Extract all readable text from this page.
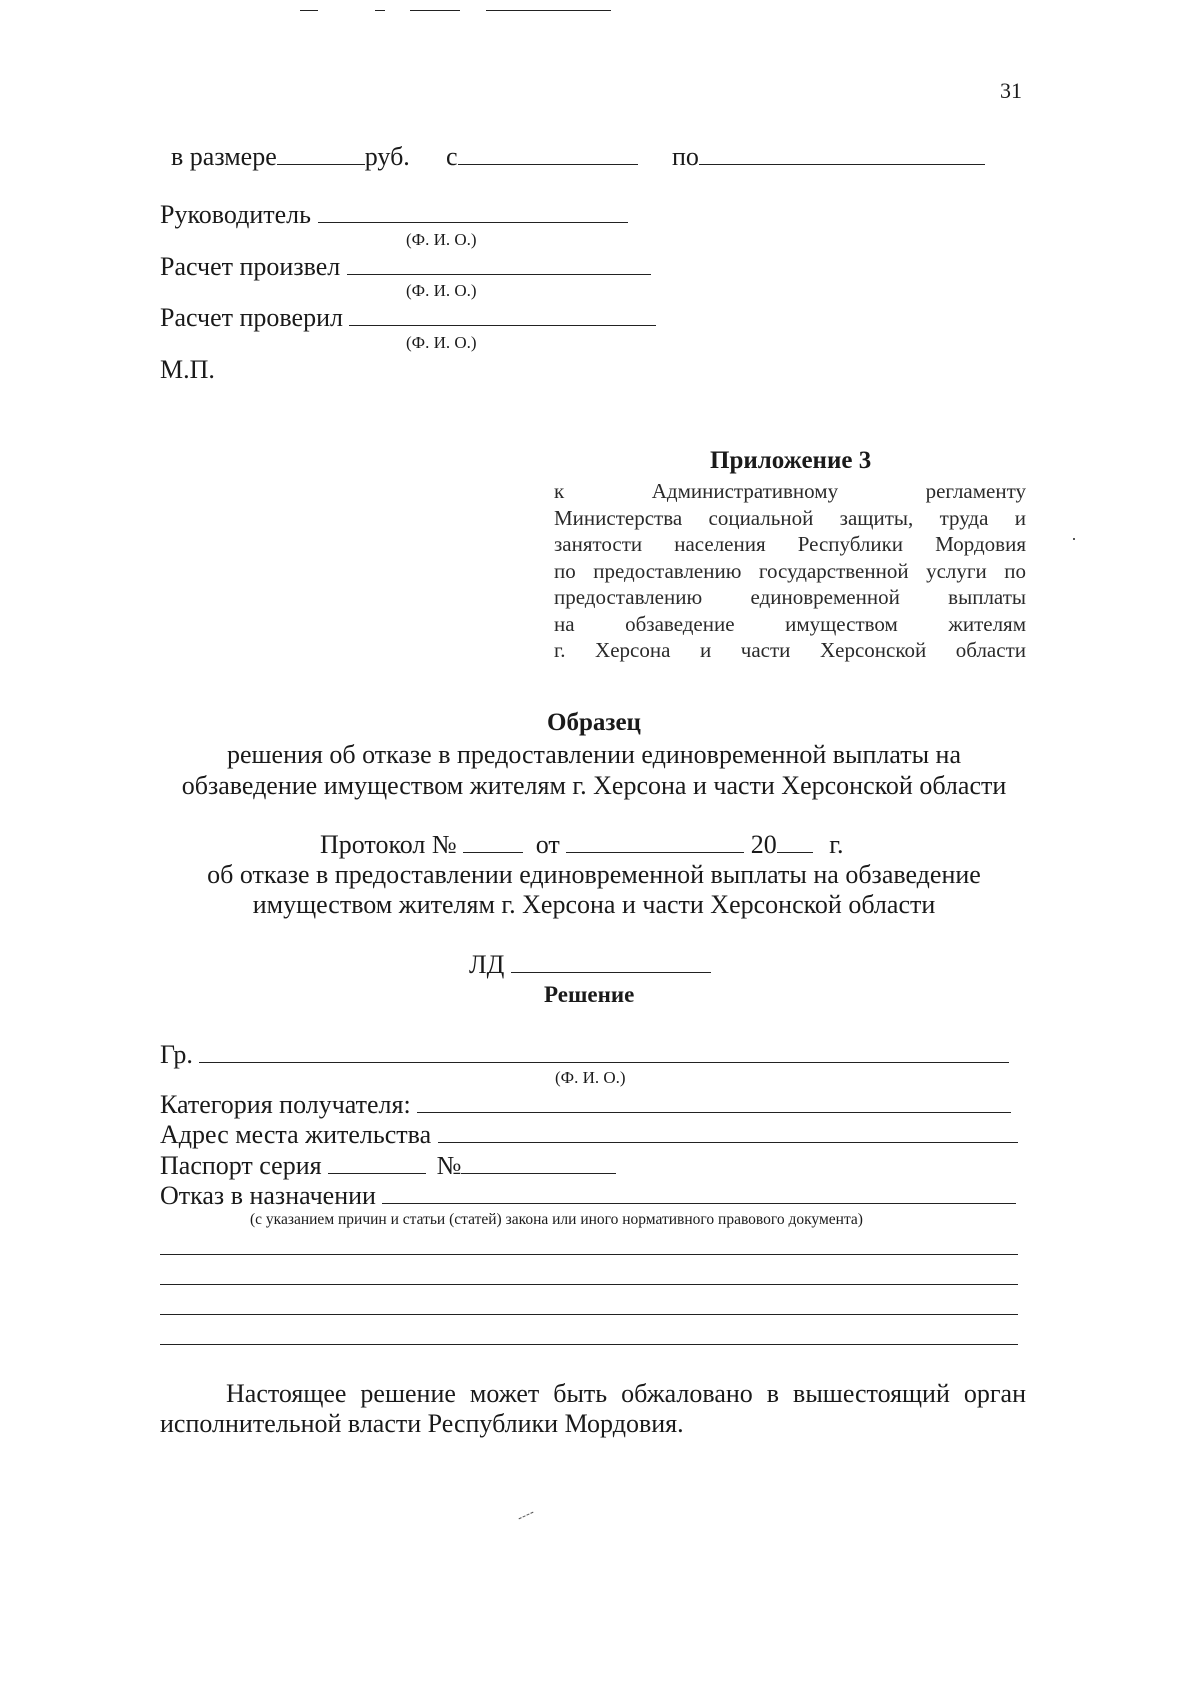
31
в размере	руб. с	по
Руководитель
(Ф. И. О.)
Расчет произвел
(Ф. И. О.)
Расчет проверил
(Ф. И. О.)
М.П.
Приложение 3
к Административному регламенту
Министерства социальной защиты, труда и
занятости населения Республики Мордовия
по предоставлению государственной услуги по
предоставлению единовременной выплаты
на обзаведение имуществом жителям
г. Херсона и части Херсонской области
Образец
решения об отказе в предоставлении единовременной выплаты на
обзаведение имуществом жителям г. Херсона и части Херсонской области
Протокол №	от	20 г.
об отказе в предоставлении единовременной выплаты на обзаведение
имуществом жителям г. Херсона и части Херсонской области
ЛД
Решение
Гр.
(Ф. И. О.)
Категория получателя:
Адрес места жительства
Паспорт серия	№
Отказ в назначении
(с указанием причин и статьи (статей) закона или иного нормативного правового документа)
Настоящее решение может быть обжаловано в вышестоящий орган
исполнительной власти Республики Мордовия.
